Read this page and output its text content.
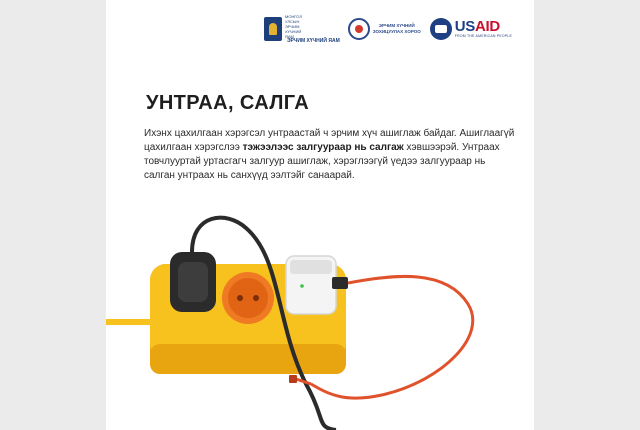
МОНГОЛ УЛСЫН ЭРЧИМ ХҮЧНИЙ ЯАМ
ЭРЧИМ ХҮЧНИЙ ЯАМ
ЭРЧИМ ХҮЧНИЙ ЗОХИЦУУЛАХ ХОРОО USAID
FROM THE AMERICAN PEOPLE
УНТРАА, САЛГА

Ихэнх цахилгаан хэрэгсэл унтраастай ч эрчим хүч ашиглаж байдаг. Ашиглаагүй цахилгаан хэрэгслээ тэжээлээс залгуураар нь салгаж хэвшээрэй. Унтраах товчлууртай уртасгагч залгуур ашиглаж, хэрэглээгүй үедээ залгуураар нь салган унтраах нь санхүүд ээлтэйг санаарай.
